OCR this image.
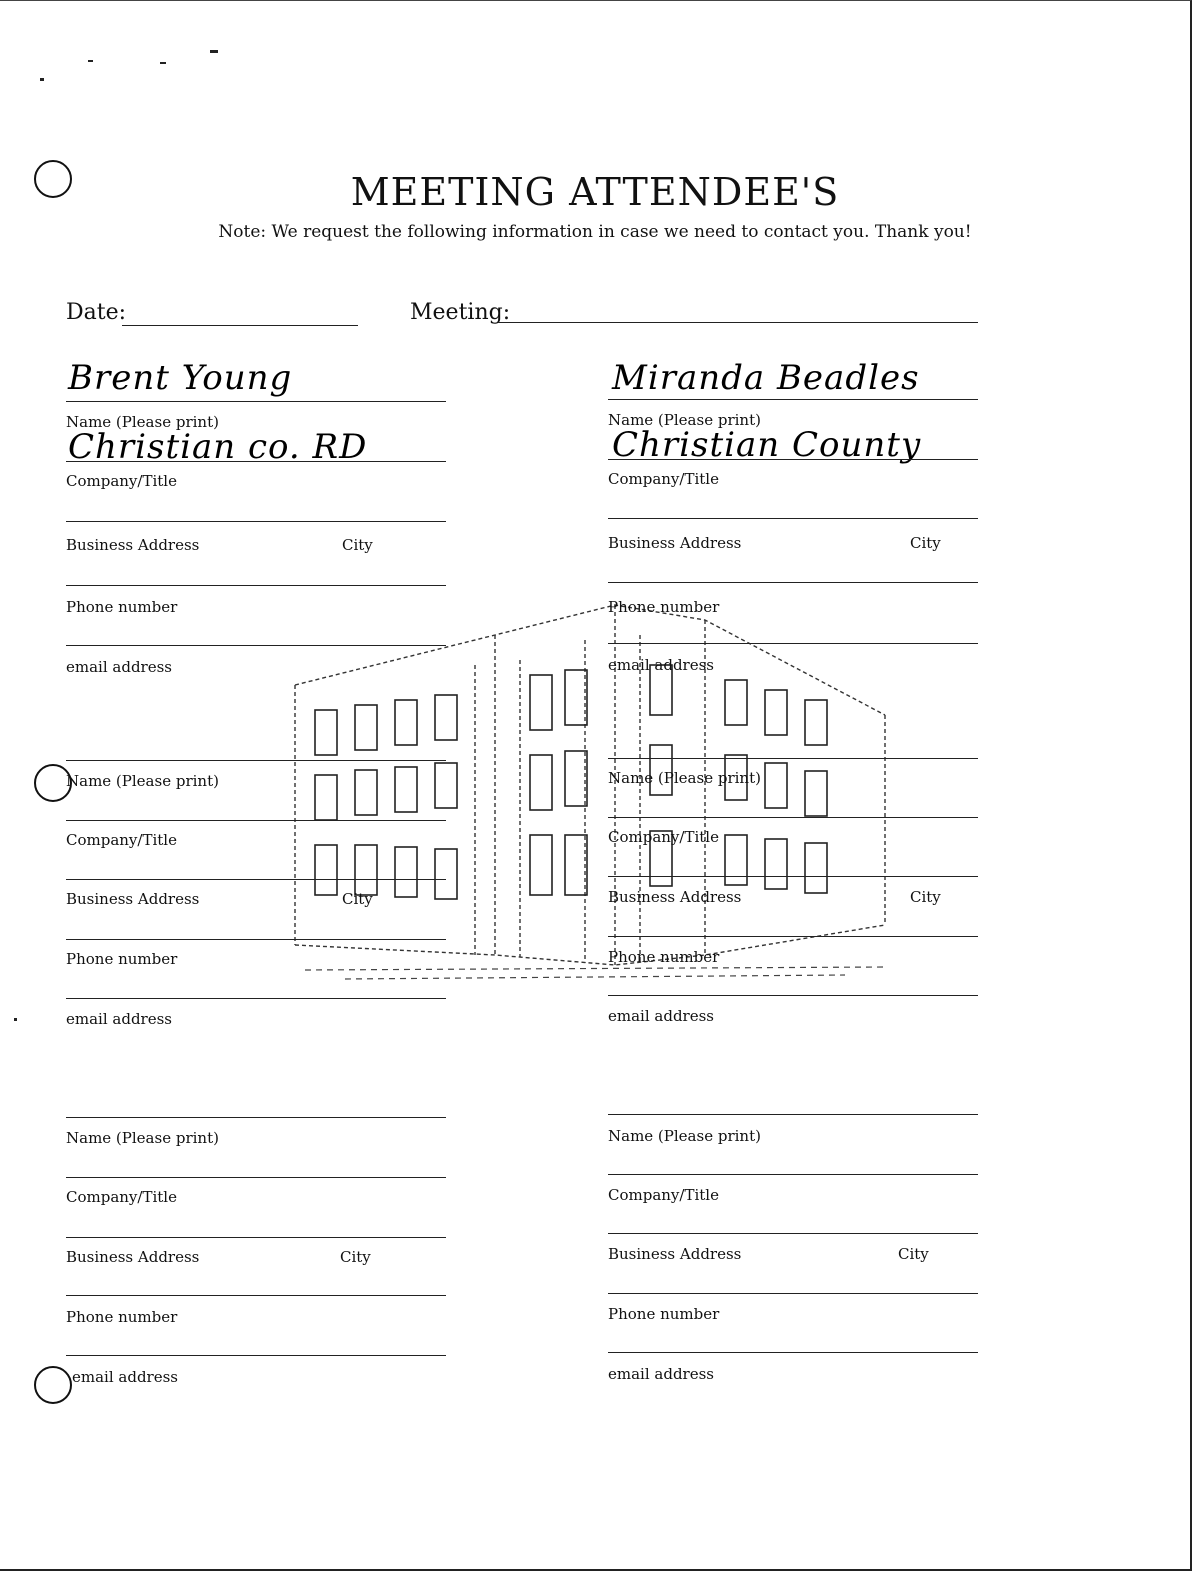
MEETING ATTENDEE'S
Note: We request the following information in case we need to contact you. Thank you!
Date:	Meeting:
Brent Young
Name (Please print)
Christian co. RD
Company/Title
Business Address	City
Phone number
email address
Miranda Beadles
Name (Please print)
Christian County
Company/Title
Business Address	City
Phone number
email address
Name (Please print)
Company/Title
Business Address	City
Phone number
email address
Name (Please print)
Company/Title
Business Address	City
Phone number
email address
Name (Please print)
Company/Title
Business Address	City
Phone number
email address
Name (Please print)
Company/Title
Business Address	City
Phone number
email address
